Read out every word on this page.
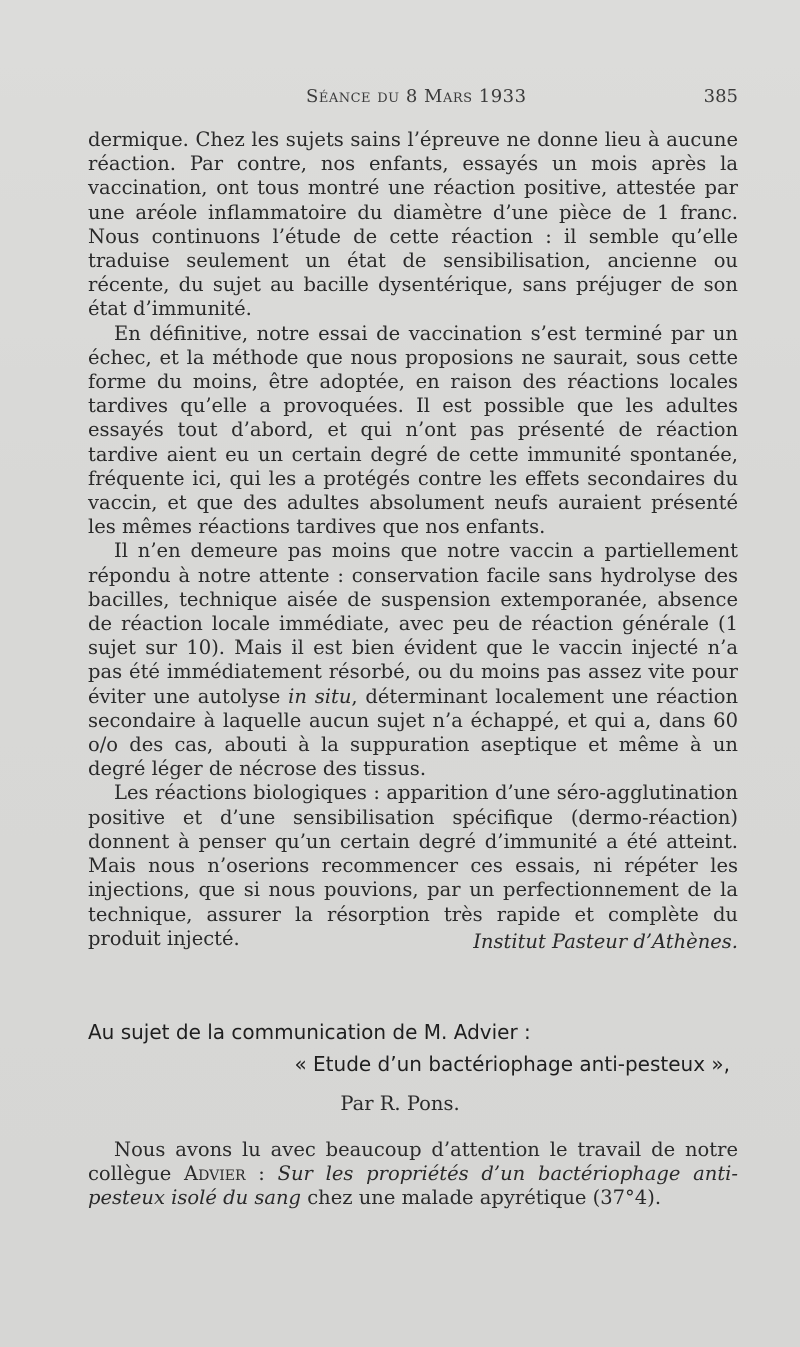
Séance du 8 Mars 1933	385

dermique. Chez les sujets sains l’épreuve ne donne lieu à aucune réaction. Par contre, nos enfants, essayés un mois après la vaccination, ont tous montré une réaction positive, attestée par une aréole inflammatoire du diamètre d’une pièce de 1 franc. Nous continuons l’étude de cette réaction : il semble qu’elle traduise seulement un état de sensibilisation, ancienne ou récente, du sujet au bacille dysentérique, sans préjuger de son état d’immunité.

En définitive, notre essai de vaccination s’est terminé par un échec, et la méthode que nous proposions ne saurait, sous cette forme du moins, être adoptée, en raison des réactions locales tardives qu’elle a provoquées. Il est possible que les adultes essayés tout d’abord, et qui n’ont pas présenté de réaction tardive aient eu un certain degré de cette immunité spontanée, fréquente ici, qui les a protégés contre les effets secondaires du vaccin, et que des adultes absolument neufs auraient présenté les mêmes réactions tardives que nos enfants.

Il n’en demeure pas moins que notre vaccin a partiellement répondu à notre attente : conservation facile sans hydrolyse des bacilles, technique aisée de suspension extemporanée, absence de réaction locale immédiate, avec peu de réaction générale (1 sujet sur 10). Mais il est bien évident que le vaccin injecté n’a pas été immédiatement résorbé, ou du moins pas assez vite pour éviter une autolyse in situ, déterminant localement une réaction secondaire à laquelle aucun sujet n’a échappé, et qui a, dans 60 o/o des cas, abouti à la suppuration aseptique et même à un degré léger de nécrose des tissus.

Les réactions biologiques : apparition d’une séro-agglutination positive et d’une sensibilisation spécifique (dermo-réaction) donnent à penser qu’un certain degré d’immunité a été atteint. Mais nous n’oserions recommencer ces essais, ni répéter les injections, que si nous pouvions, par un perfectionnement de la technique, assurer la résorption très rapide et complète du produit injecté.	Institut Pasteur d’Athènes.
Au sujet de la communication de M. Advier :
« Etude d’un bactériophage anti-pesteux »,
Par R. Pons.

Nous avons lu avec beaucoup d’attention le travail de notre collègue Advier : Sur les propriétés d’un bactériophage anti-pesteux isolé du sang chez une malade apyrétique (37°4).
